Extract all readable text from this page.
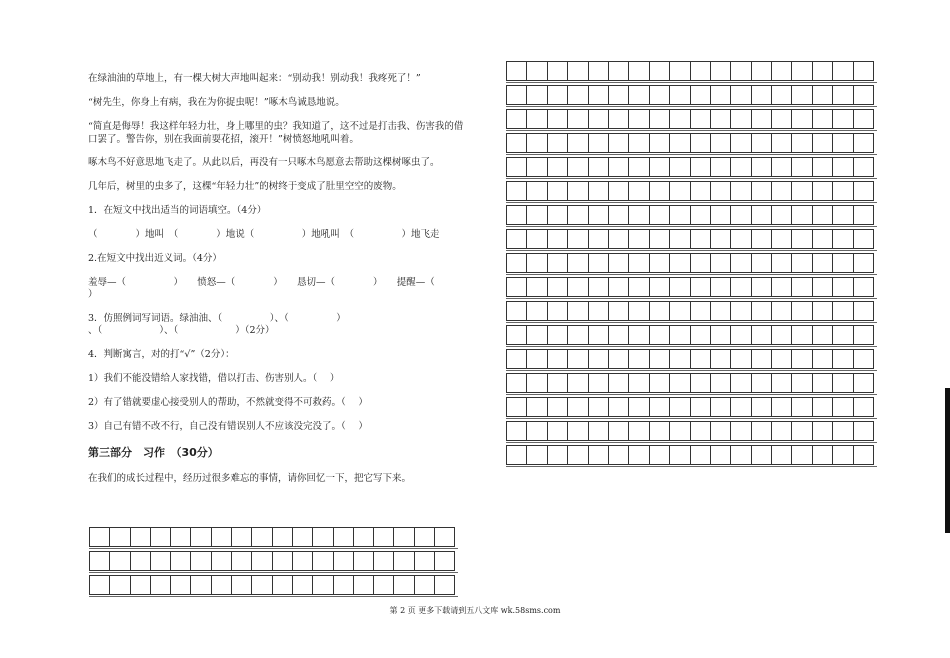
在绿油油的草地上，有一棵大树大声地叫起来：“别动我！别动我！我疼死了！”
“树先生，你身上有病，我在为你捉虫呢！”啄木鸟诚恳地说。
“简直是侮辱！我这样年轻力壮，身上哪里的虫？我知道了，这不过是打击我、伤害我的借口罢了。警告你，别在我面前耍花招，滚开！”树愤怒地吼叫着。
啄木鸟不好意思地飞走了。从此以后，再没有一只啄木鸟愿意去帮助这棵树啄虫了。
几年后，树里的虫多了，这棵“年轻力壮”的树终于变成了肚里空空的废物。
1．在短文中找出适当的词语填空。（4分）
（　　　　）地叫　（　　　　）地说（　　　　　）地吼叫　（　　　　　）地飞走
2.在短文中找出近义词。（4分）
羞辱—（　　　　　）　　愤怒—（　　　　）　　恳切—（　　　　）　　提醒—（
）
3．仿照例词写词语。绿油油、（　　　　　）、（　　　　　）
、（　　　　　　）、（　　　　　　）（2分）
4．判断寓言，对的打“√”（2分）：
1）我们不能没错给人家找错，借以打击、伤害别人。（　 ）
2）有了错就要虚心接受别人的帮助，不然就变得不可救药。（　 ）
3）自己有错不改不行，自己没有错误别人不应该没完没了。（　 ）
第三部分　习作　（30分）
在我们的成长过程中，经历过很多难忘的事情，请你回忆一下，把它写下来。
第 2 页 更多下载请到五八文库 wk.58sms.com
